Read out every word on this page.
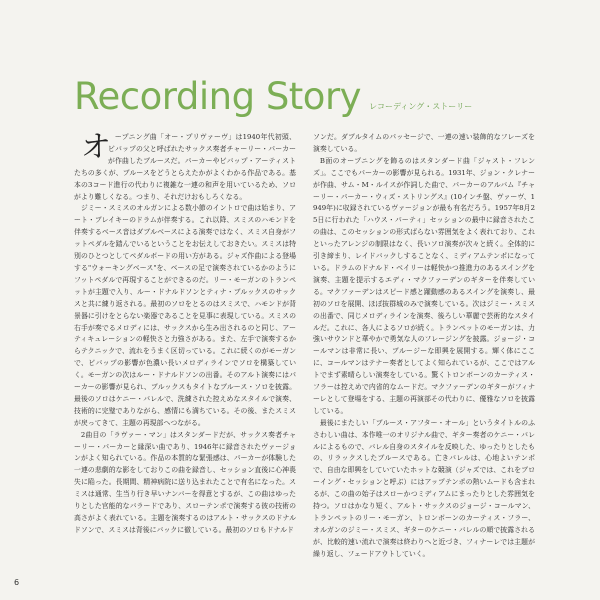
Recording Story レコーディング・ストーリー

オ ープニング曲「オー・プリヴァーヴ」は1940年代初頭、ビバップの父と呼ばれたサックス奏者チャーリー・パーカーが作曲したブルースだ。パーカーやビバップ・アーティストたちの多くが、ブルースをどうとらえたかがよくわかる作品である。基本の3コード進行の代わりに複雑な一連の和声を用いているため、ソロがより難しくなる。つまり、それだけおもしろくなる。

ジミー・スミスのオルガンによる数小節のイントロで曲は始まり、アート・ブレイキーのドラムが伴奏する。これ以降、スミスのハモンドを伴奏するベース音はダブルベースによる演奏ではなく、スミス自身がフットペダルを踏んでいるということをお伝えしておきたい。スミスは特別のひとつとしてペダルボードの用い方がある。ジャズ作曲による登場する"ウォーキングベース"を、ベースの足で演奏されているかのようにフットペダルで再現することができるのだ。リー・モーガンのトランペットが主題で入り、ルー・ドナルドソンとティナ・ブルックスのサックスと共に練り返される。最初のソロをとるのはスミスで、ハモンドが背景器に引けをとらない楽器であることを見事に表現している。スミスの右手が奏でるメロディには、サックスから生み出されるのと同じ、アーティキュレーションの軽快さと力強さがある。また、左手で演奏するからテクニックで、流れをうまく区切っている。これに続くのがモーガンで、ビバップの影響が色濃い長いメロディラインでソロを構築していく。モーガンの次はルー・ドナルドソンの出番。そのアルト演奏にはパーカーの影響が見られ、ブルックスもタイトなブルース・ソロを披露。最後のソロはケニー・バレルで、洗練された控えめなスタイルで演奏、技術的に完璧でありながら、感情にも満ちている。その後、またスミスが戻ってきて、主題の再現部へつながる。

2曲目の「ラヴァー・マン」はスタンダードだが、サックス奏者チャーリー・パーカーと縁深い曲であり、1946年に録音されたヴァージョンがよく知られている。作品の本質的な緊張感は、パーカーが体験した一連の悲劇的な影をしておりこの曲を録音し、セッション直後に心神喪失に陥った。長期間、精神病院に送り込まれたことで有名になった。スミスは通常、生当り行き早いナンバーを得意とするが、この曲はゆったりとした官能的なバラードであり、スローテンポで演奏する彼の技術の高さがよく表れている。主題を演奏するのはアルト・サックスのドナルドソンで、スミスは背後にバックに徹している。最初のソロもドナルド

ソンだ。ダブルタイムのパッセージで、一連の速い装飾的なフレーズを演奏している。

B面のオープニングを飾るのはスタンダード曲「ジャスト・フレンズ」。ここでもパーカーの影響が見られる。1931年、ジョン・クレナーが作曲、サム・M・ルイスが作詞した曲で、パーカーのアルバム『チャーリー・パーカー・ウィズ・ストリングス』(10インチ盤、ヴァーヴ、1949年)に収録されているヴァージョンが最も有名だろう。1957年8月25日に行われた「ハウス・パーティ」セッションの最中に録音されたこの曲は、このセッションの形式ばらない雰囲気をよく表れており、これといったアレンジの制限はなく、長いソロ演奏が次々と続く。全体的に引き締まり、レイドバックしすることなく、ミディアムテンポになっている。ドラムのドナルド・ベイリーは軽快かつ推進力のあるスイングを演奏、主題を提示するエディ・マクファーデンのギターを伴奏している。マクファーデンはスピード感と躍動感のあるスイングを演奏し、最初のソロを展開、ほぼ抜群城のみで演奏している。次はジミー・スミスの出番で、同じメロディラインを演奏、後ろしい華麗で芸術的なスタイルだ。これに、各人によるソロが続く。トランペットのモーガンは、力強いサウンドと華やかで勇気な人のフレージングを披露。ジョージ・コールマンは非常に長い、ブルージーな即興を展開する。輝く体にここに、コールマンはテナー奏者としてよく知られているが、ここではアルトでまず素晴らしい演奏をしている。驚くトロンボーンのカーティス・フラーは控えめで内省的なムードだ。マクファーデンのギターがフィナーレとして登場をする、主題の再演部その代わりに、優雅なソロを披露している。

最後にまたしい「ブルース・アフター・オール」というタイトルのふさわしい曲は、本作唯一のオリジナル曲で、ギター奏者のケニー・バレルによるもので、バレル自身のスタイルを反映した、ゆったりとしたもの、リラックスしたブルースである。亡きバレルは、心地よいテンポで、自由な即興をしていていたホットな競演（ジャズでは、これをブローイング・セッションと呼ぶ）にはアップテンポの熱いムードも含まれるが、この曲の始子はスローかつミディアムにまったりとした雰囲気を持つ。ソロはかなり短く、アルト・サックスのジョージ・コールマン、トランペットのリー・モーガン、トロンボーンのカーティス・フラー、オルガンのジミー・スミス、ギターのケニー・バレルの順で披露されるが、比較的速い流れで演奏は終わりへと近づき、フィナーレでは主題が繰り返し、フェードアウトしていく。

6
